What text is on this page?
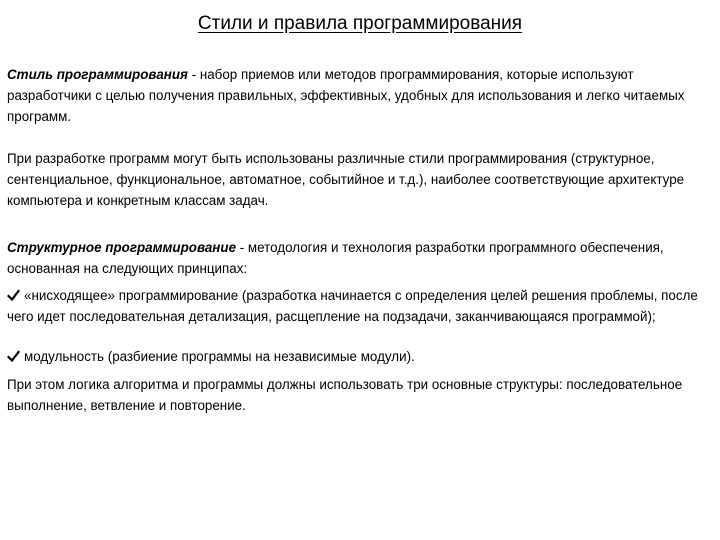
Стили и правила программирования
Стиль программирования - набор приемов или методов программирования, которые используют разработчики с целью получения правильных, эффективных, удобных для использования и легко читаемых программ.
При разработке программ могут быть использованы различные стили программирования (структурное, сентенциальное, функциональное, автоматное, событийное и т.д.), наиболее соответствующие архитектуре компьютера и конкретным классам задач.
Структурное программирование - методология и технология разработки программного обеспечения, основанная на следующих принципах:
«нисходящее» программирование (разработка начинается с определения целей решения проблемы, после чего идет последовательная детализация, расщепление на подзадачи, заканчивающаяся программой);
модульность (разбиение программы на независимые модули).
При этом логика алгоритма и программы должны использовать три основные структуры: последовательное выполнение, ветвление и повторение.
